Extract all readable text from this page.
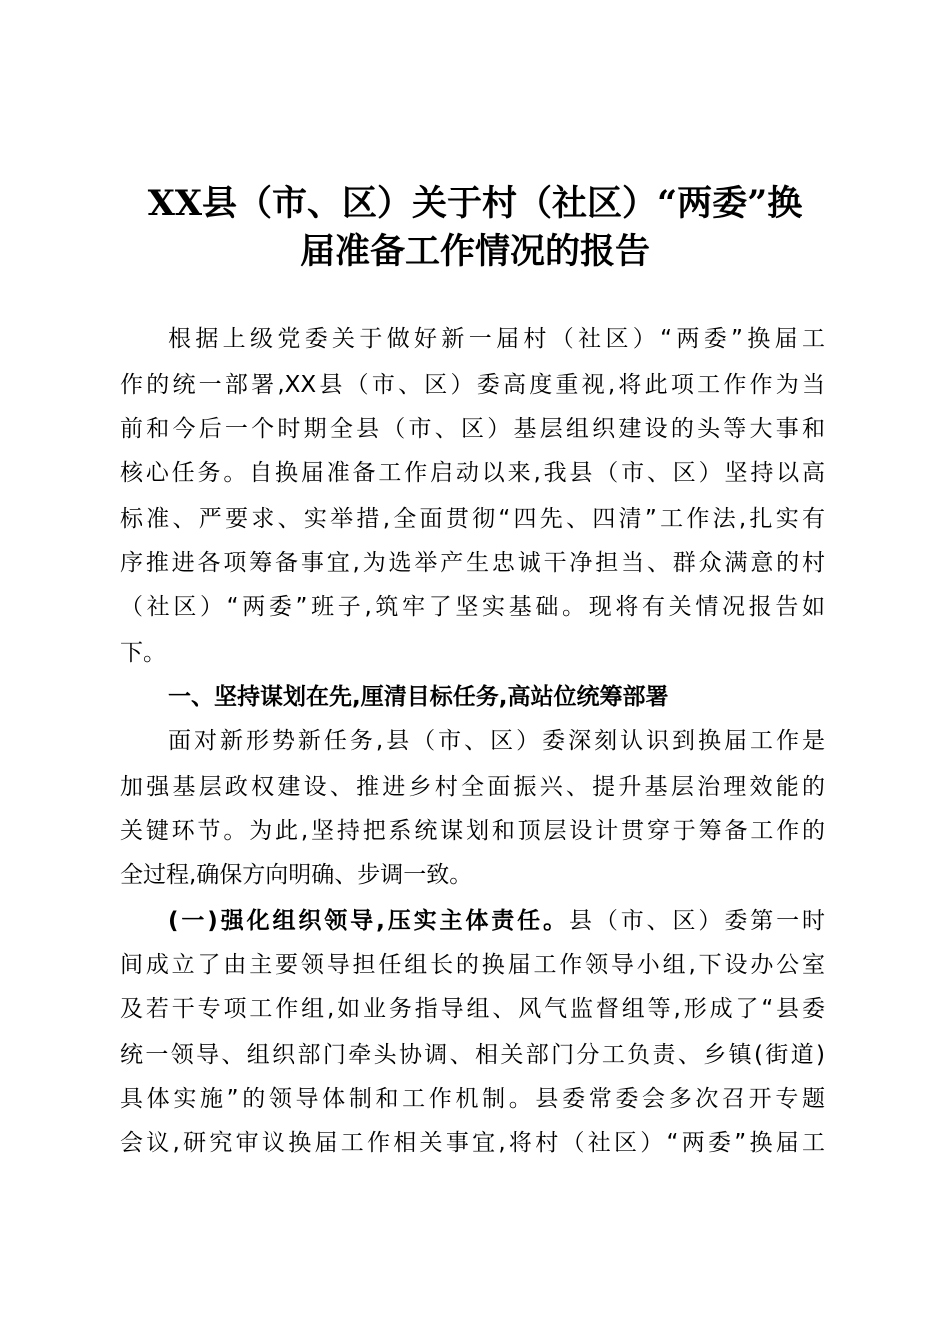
XX县（市、区）关于村（社区）“两委”换
届准备工作情况的报告
根据上级党委关于做好新一届村（社区）“两委”换届工
作的统一部署,XX县（市、区）委高度重视,将此项工作作为当
前和今后一个时期全县（市、区）基层组织建设的头等大事和
核心任务。自换届准备工作启动以来,我县（市、区）坚持以高
标准、严要求、实举措,全面贯彻“四先、四清”工作法,扎实有
序推进各项筹备事宜,为选举产生忠诚干净担当、群众满意的村
（社区）“两委”班子,筑牢了坚实基础。现将有关情况报告如
下。
一、坚持谋划在先,厘清目标任务,高站位统筹部署
面对新形势新任务,县（市、区）委深刻认识到换届工作是
加强基层政权建设、推进乡村全面振兴、提升基层治理效能的
关键环节。为此,坚持把系统谋划和顶层设计贯穿于筹备工作的
全过程,确保方向明确、步调一致。
(一)强化组织领导,压实主体责任。县（市、区）委第一时
间成立了由主要领导担任组长的换届工作领导小组,下设办公室
及若干专项工作组,如业务指导组、风气监督组等,形成了“县委
统一领导、组织部门牵头协调、相关部门分工负责、乡镇(街道)
具体实施”的领导体制和工作机制。县委常委会多次召开专题
会议,研究审议换届工作相关事宜,将村（社区）“两委”换届工
